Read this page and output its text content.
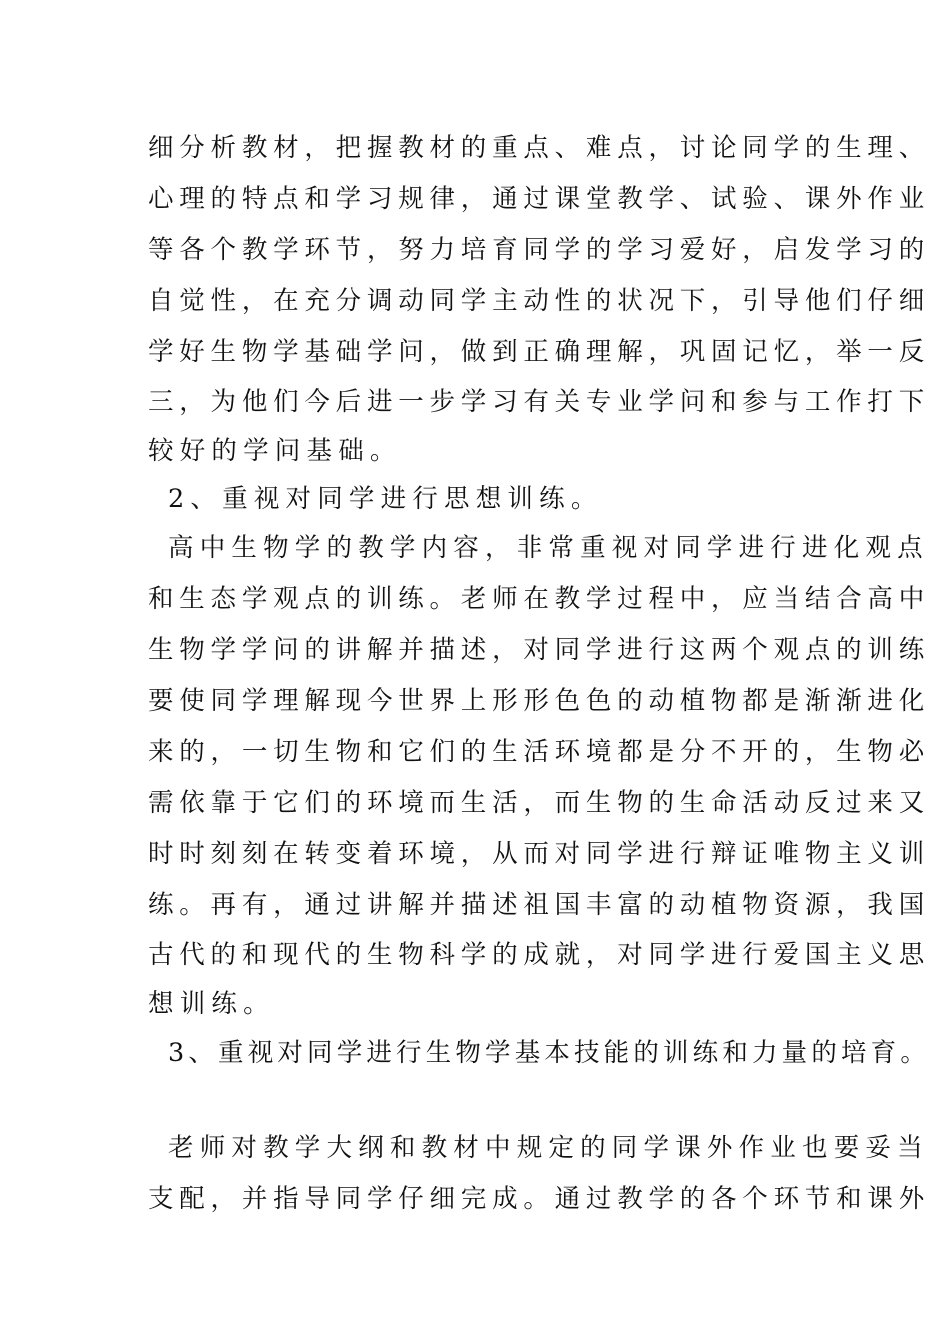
细分析教材，把握教材的重点、难点，讨论同学的生理、
心理的特点和学习规律，通过课堂教学、试验、课外作业
等各个教学环节，努力培育同学的学习爱好，启发学习的
自觉性，在充分调动同学主动性的状况下，引导他们仔细
学好生物学基础学问，做到正确理解，巩固记忆，举一反
三，为他们今后进一步学习有关专业学问和参与工作打下
较好的学问基础。
2、重视对同学进行思想训练。
高中生物学的教学内容，非常重视对同学进行进化观点
和生态学观点的训练。老师在教学过程中，应当结合高中
生物学学问的讲解并描述，对同学进行这两个观点的训练
要使同学理解现今世界上形形色色的动植物都是渐渐进化
来的，一切生物和它们的生活环境都是分不开的，生物必
需依靠于它们的环境而生活，而生物的生命活动反过来又
时时刻刻在转变着环境，从而对同学进行辩证唯物主义训
练。再有，通过讲解并描述祖国丰富的动植物资源，我国
古代的和现代的生物科学的成就，对同学进行爱国主义思
想训练。
3、重视对同学进行生物学基本技能的训练和力量的培育。
老师对教学大纲和教材中规定的同学课外作业也要妥当
支配，并指导同学仔细完成。通过教学的各个环节和课外
